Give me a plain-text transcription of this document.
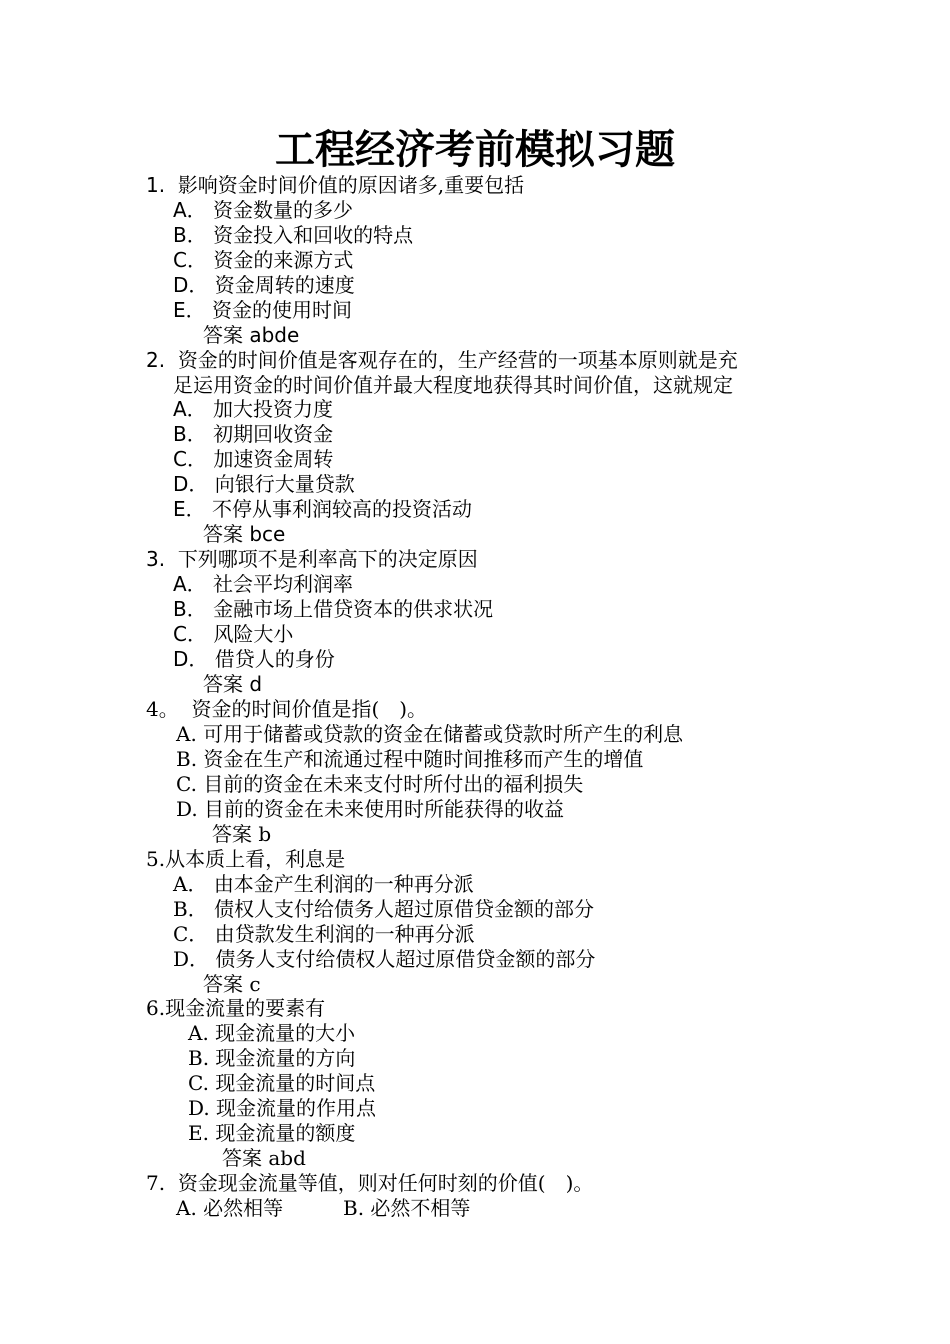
工程经济考前模拟习题
1. 影响资金时间价值的原因诸多,重要包括
A． 资金数量的多少
B． 资金投入和回收的特点
C． 资金的来源方式
D． 资金周转的速度
E． 资金的使用时间
答案 abde
2. 资金的时间价值是客观存在的，生产经营的一项基本原则就是充
足运用资金的时间价值并最大程度地获得其时间价值，这就规定
A． 加大投资力度
B． 初期回收资金
C． 加速资金周转
D． 向银行大量贷款
E． 不停从事利润较高的投资活动
答案 bce
3. 下列哪项不是利率高下的决定原因
A． 社会平均利润率
B． 金融市场上借贷资本的供求状况
C． 风险大小
D． 借贷人的身份
答案 d
4。 资金的时间价值是指(　)。
A. 可用于储蓄或贷款的资金在储蓄或贷款时所产生的利息
B. 资金在生产和流通过程中随时间推移而产生的增值
C. 目前的资金在未来支付时所付出的福利损失
D. 目前的资金在未来使用时所能获得的收益
答案 b
5.从本质上看，利息是
A． 由本金产生利润的一种再分派
B． 债权人支付给债务人超过原借贷金额的部分
C． 由贷款发生利润的一种再分派
D． 债务人支付给债权人超过原借贷金额的部分
答案 c
6.现金流量的要素有
A. 现金流量的大小
B. 现金流量的方向
C. 现金流量的时间点
D. 现金流量的作用点
E. 现金流量的额度
答案 abd
7. 资金现金流量等值，则对任何时刻的价值(　)。
A. 必然相等	B. 必然不相等
